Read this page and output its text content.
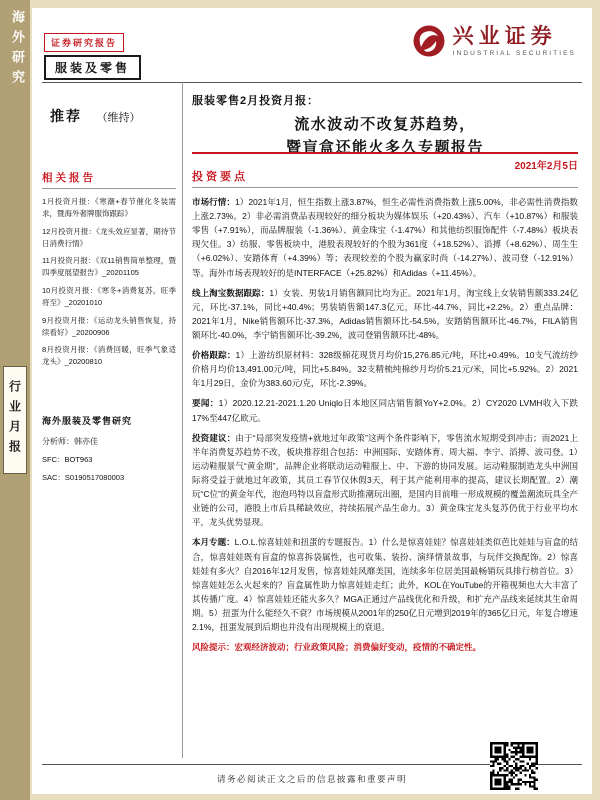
海外研究
行业月报
证券研究报告
服装及零售
兴业证券
INDUSTRIAL SECURITIES
推荐 （维持）
服装零售2月投资月报：
流水波动不改复苏趋势，
暨盲盒还能火多久专题报告
2021年2月5日
相关报告
1月投资月报：《寒潮+春节催化冬装需求，暨海外奢牌服饰跟踪》
12月投资月报：《龙头效应显著，期待节日消费行情》
11月投资月报：《双11销售简单整理，暨四季度展望报告》_20201105
10月投资月报：《寒冬+消费复苏，旺季将至》_20201010
9月投资月报：《运动龙头销售恢复，持续看好》_20200906
8月投资月报：《消费回暖，旺季气象适龙头》_20200810
海外服装及零售研究
分析师：韩亦佳
SFC：BOT963
SAC：S0190517080003
投资要点

市场行情：1）2021年1月，恒生指数上涨3.87%，恒生必需性消费指数上涨5.00%，非必需性消费指数上涨2.73%。2）非必需消费品表现较好的细分板块为媒体娱乐（+20.43%）、汽车（+10.87%）和服装零售（+7.91%），而品牌服装（-1.36%）、黄金珠宝（-1.47%）和其他纺织服饰配件（-7.48%）板块表现欠佳。3）纺服、零售板块中，港股表现较好的个股为361度（+18.52%）、滔搏（+8.62%）、周生生（+6.02%）、安踏体育（+4.39%）等；表现较差的个股为赢家时尚（-14.27%）、波司登（-12.91%）等。海外市场表现较好的是INTERFACE（+25.82%）和Adidas（+11.45%）。

线上淘宝数据跟踪：1）女装、男装1月销售额同比均为正。2021年1月，淘宝线上女装销售额333.24亿元，环比-37.1%，同比+40.4%；男装销售额147.3亿元，环比-44.7%，同比+2.2%。2）重点品牌：2021年1月，Nike销售额环比-37.3%，Adidas销售额环比-54.5%，安踏销售额环比-46.7%，FILA销售额环比-40.0%，李宁销售额环比-39.2%，波司登销售额环比-48%。

价格跟踪：1）上游纺织原材料：328级棉花现货月均价15,276.85元/吨，环比+0.49%。10支气流纺纱价格月均价13,491.00元/吨，同比+5.84%。32支精梳纯棉纱月均价5.21元/米，同比+5.92%。2）2021年1月29日，金价为383.60元/克，环比-2.39%。

要闻：1）2020.12.21-2021.1.20 Uniqlo日本地区同店销售额YoY+2.0%。2）CY2020 LVMH收入下跌17%至447亿欧元。

投资建议：由于“局部突发疫情+就地过年政策”这两个条件影响下，零售流水短期受到冲击；而2021上半年消费复苏趋势不改，板块推荐组合包括：申洲国际、安踏体育、周大福、李宁、滔搏、波司登。1）运动鞋服景气“黄金期”，品牌企业将联动运动鞋服上、中、下游的协同发展。运动鞋服制造龙头申洲国际将受益于就地过年政策，其员工春节仅休假3天，利于其产能利用率的提高，建议长期配置。2）潮玩“C位”的黄金年代，泡泡玛特以盲盒形式助推潮玩出圈，是国内目前唯一形成规模的覆盖潮流玩具全产业链的公司，港股上市后具稀缺效应，持续拓展产品生命力。3）黄金珠宝龙头复苏仍优于行业平均水平，龙头优势显现。

本月专题：L.O.L.惊喜娃娃和扭蛋的专题报告。1）什么是惊喜娃娃？惊喜娃娃类似芭比娃娃与盲盒的结合，惊喜娃娃既有盲盒的惊喜拆袋属性，也可收集、装扮、演绎情景故事，与玩伴交换配饰。2）惊喜娃娃有多火？自2016年12月发售，惊喜娃娃风靡美国，连续多年位居美国最畅销玩具排行榜首位。3）惊喜娃娃怎么火起来的？盲盒属性助力惊喜娃娃走红；此外，KOL在YouTube的开箱视频也大大丰富了其传播广度。4）惊喜娃娃还能火多久？MGA正通过产品线优化和升级，和扩充产品线来延续其生命周期。5）扭蛋为什么能经久不衰？市场规模从2001年的250亿日元增到2019年的365亿日元，年复合增速2.1%，扭蛋发展到后期也并没有出现规模上的衰退。

风险提示：宏观经济波动；行业政策风险；消费偏好变动，疫情的不确定性。

请务必阅读正文之后的信息披露和重要声明
